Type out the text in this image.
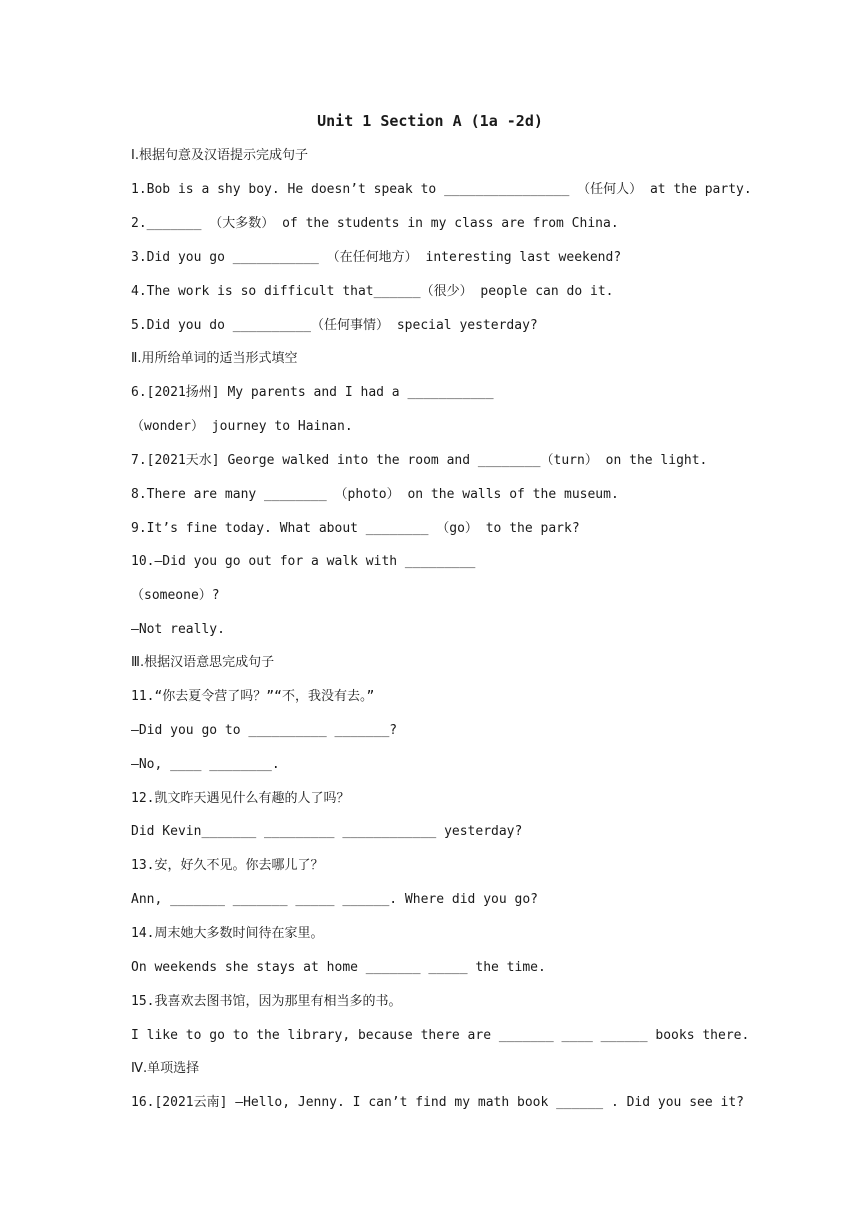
Unit 1 Section A (1a -2d)
Ⅰ.根据句意及汉语提示完成句子
1.Bob is a shy boy. He doesn’t speak to ________________ （任何人） at the party.
2._______ （大多数） of the students in my class are from China.
3.Did you go ___________ （在任何地方） interesting last weekend?
4.The work is so difficult that______（很少） people can do it.
5.Did you do __________（任何事情） special yesterday?
Ⅱ.用所给单词的适当形式填空
6.[2021扬州] My parents and I had a ___________
（wonder） journey to Hainan.
7.[2021天水] George walked into the room and ________（turn） on the light.
8.There are many ________ （photo） on the walls of the museum.
9.It’s fine today. What about ________ （go） to the park?
10.—Did you go out for a walk with _________
（someone）?
—Not really.
Ⅲ.根据汉语意思完成句子
11.“你去夏令营了吗？”“不，我没有去。”
—Did you go to __________ _______?
—No, ____ ________.
12.凯文昨天遇见什么有趣的人了吗？
Did Kevin_______ _________ ____________ yesterday?
13.安，好久不见。你去哪儿了？
Ann, _______ _______ _____ ______. Where did you go?
14.周末她大多数时间待在家里。
On weekends she stays at home _______ _____ the time.
15.我喜欢去图书馆，因为那里有相当多的书。
I like to go to the library, because there are _______ ____ ______ books there.
Ⅳ.单项选择
16.[2021云南] —Hello, Jenny. I can’t find my math book ______ . Did you see it?
